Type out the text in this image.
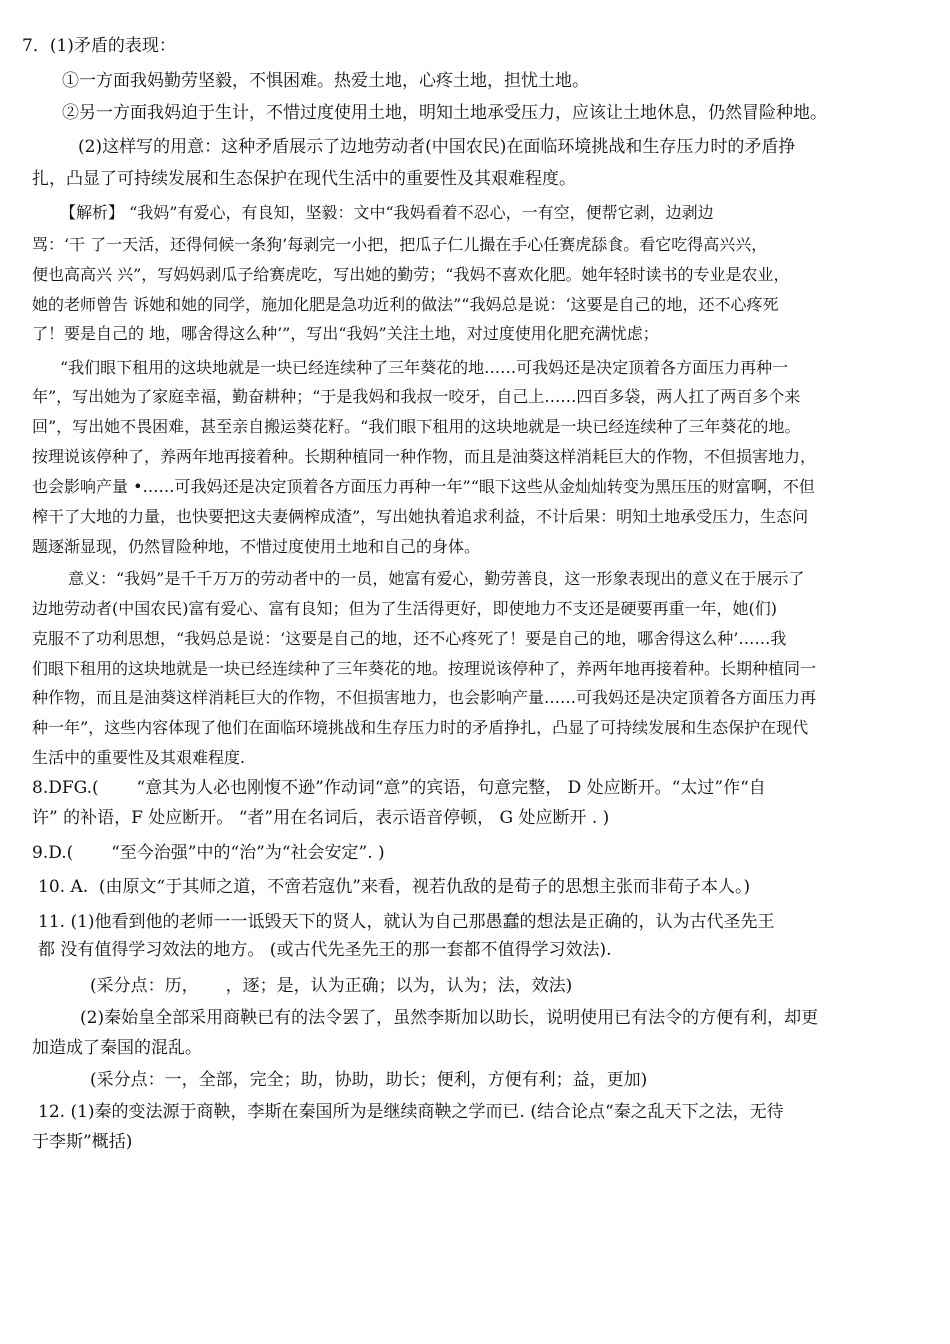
7．(1)矛盾的表现：
①一方面我妈勤劳坚毅，不惧困难。热爱土地，心疼土地，担忧土地。
②另一方面我妈迫于生计，不惜过度使用土地，明知土地承受压力，应该让土地休息，仍然冒险种地。
(2)这样写的用意：这种矛盾展示了边地劳动者(中国农民)在面临环境挑战和生存压力时的矛盾挣
扎，凸显了可持续发展和生态保护在现代生活中的重要性及其艰难程度。
【解析】 “我妈”有爱心，有良知，坚毅：文中“我妈看着不忍心，一有空，便帮它剥，边剥边
骂：‘干 了一天活，还得伺候一条狗’每剥完一小把，把瓜子仁儿撮在手心任赛虎舔食。看它吃得高兴兴，
便也高高兴 兴”，写妈妈剥瓜子给赛虎吃，写出她的勤劳；“我妈不喜欢化肥。她年轻时读书的专业是农业，
她的老师曾告 诉她和她的同学，施加化肥是急功近利的做法”“我妈总是说：‘这要是自己的地，还不心疼死
了！要是自己的 地，哪舍得这么种’”，写出“我妈”关注土地，对过度使用化肥充满忧虑；
“我们眼下租用的这块地就是一块已经连续种了三年葵花的地……可我妈还是决定顶着各方面压力再种一
年”，写出她为了家庭幸福，勤奋耕种；“于是我妈和我叔一咬牙，自己上……四百多袋，两人扛了两百多个来
回”，写出她不畏困难，甚至亲自搬运葵花籽。“我们眼下租用的这块地就是一块已经连续种了三年葵花的地。
按理说该停种了，养两年地再接着种。长期种植同一种作物，而且是油葵这样消耗巨大的作物，不但损害地力，
也会影响产量 •……可我妈还是决定顶着各方面压力再种一年”“眼下这些从金灿灿转变为黑压压的财富啊，不但
榨干了大地的力量，也快要把这夫妻俩榨成渣”，写出她执着追求利益，不计后果：明知土地承受压力，生态问
题逐渐显现，仍然冒险种地，不惜过度使用土地和自己的身体。
意义：“我妈”是千千万万的劳动者中的一员，她富有爱心，勤劳善良，这一形象表现出的意义在于展示了
边地劳动者(中国农民)富有爱心、富有良知；但为了生活得更好，即使地力不支还是硬要再重一年，她(们)
克服不了功利思想，“我妈总是说：‘这要是自己的地，还不心疼死了！要是自己的地，哪舍得这么种’……我
们眼下租用的这块地就是一块已经连续种了三年葵花的地。按理说该停种了，养两年地再接着种。长期种植同一
种作物，而且是油葵这样消耗巨大的作物，不但损害地力，也会影响产量……可我妈还是决定顶着各方面压力再
种一年”，这些内容体现了他们在面临环境挑战和生存压力时的矛盾挣扎，凸显了可持续发展和生态保护在现代
生活中的重要性及其艰难程度.
8.DFG.(       “意其为人必也刚愎不逊”作动词“意”的宾语，句意完整， D 处应断开。“太过”作“自
许” 的补语，F 处应断开。 “者”用在名词后，表示语音停顿， G 处应断开 . )
9.D.(       “至今治强”中的“治”为“社会安定”. )
10. A.  (由原文“于其师之道，不啻若寇仇”来看，视若仇敌的是荀子的思想主张而非荀子本人。)
11. (1)他看到他的老师一一诋毁天下的贤人，就认为自己那愚蠢的想法是正确的，认为古代圣先王
都 没有值得学习效法的地方。 (或古代先圣先王的那一套都不值得学习效法).
(采分点：历，     ，逐；是，认为正确；以为，认为；法，效法)
(2)秦始皇全部采用商鞅已有的法令罢了，虽然李斯加以助长，说明使用已有法令的方便有利，却更
加造成了秦国的混乱。
(采分点：一，全部，完全；助，协助，助长；便利，方便有利；益，更加)
12. (1)秦的变法源于商鞅，李斯在秦国所为是继续商鞅之学而已. (结合论点“秦之乱天下之法，无待
于李斯”概括)
